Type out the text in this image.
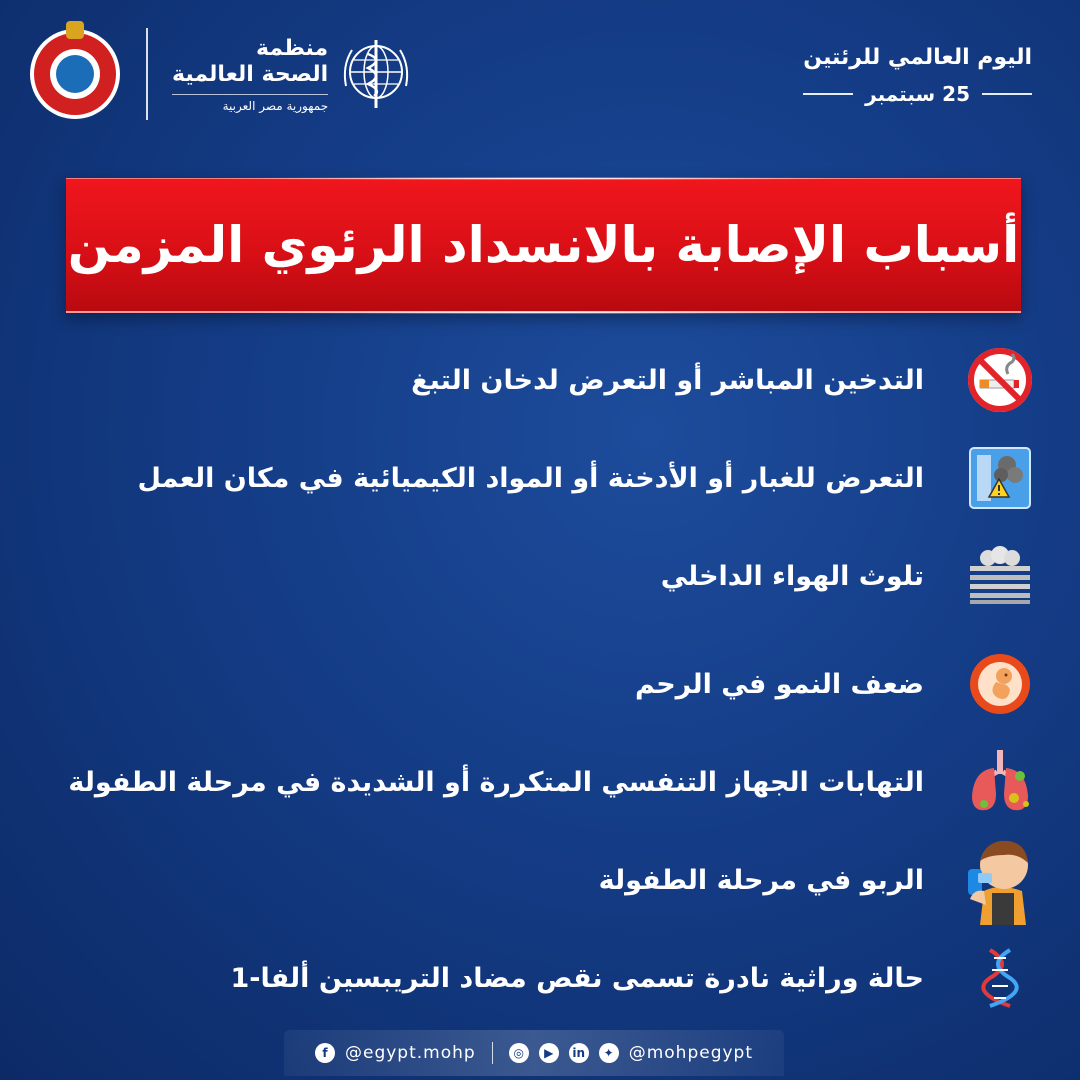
منظمة
الصحة العالمية
جمهورية مصر العربية
اليوم العالمي للرئتين
25 سبتمبر
أسباب الإصابة بالانسداد الرئوي المزمن
التدخين المباشر أو التعرض لدخان التبغ
التعرض للغبار أو الأدخنة أو المواد الكيميائية في مكان العمل
تلوث الهواء الداخلي
ضعف النمو في الرحم
التهابات الجهاز التنفسي المتكررة أو الشديدة في مرحلة الطفولة
الربو في مرحلة الطفولة
حالة وراثية نادرة تسمى نقص مضاد التريبسين ألفا-1
f	@egypt.mohp	◎	▶	in	✦ @mohpegypt
